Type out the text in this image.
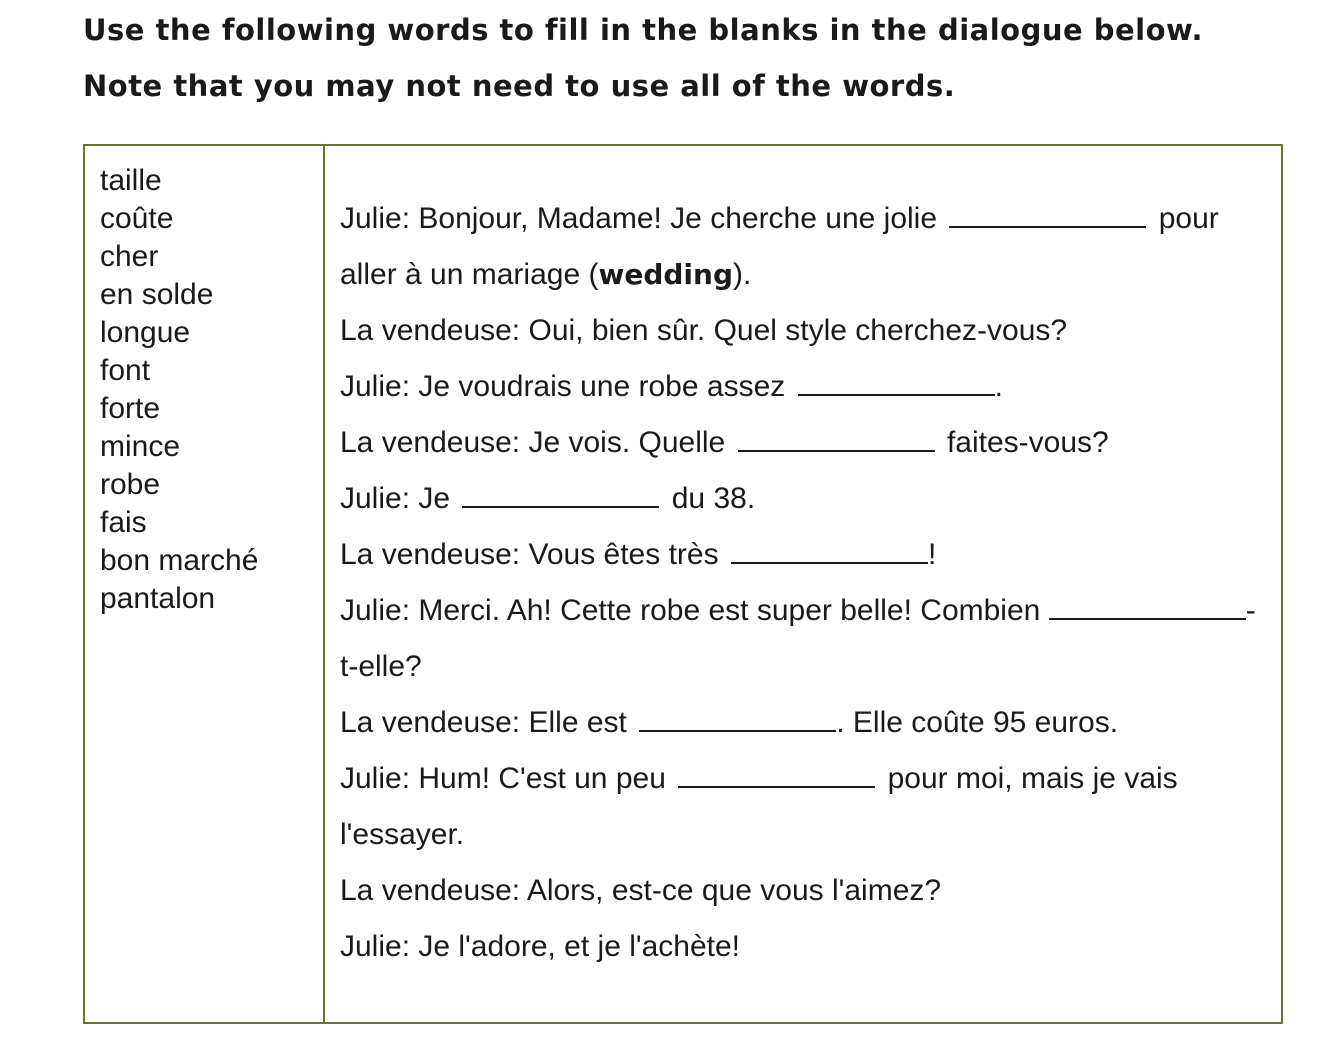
Use the following words to fill in the blanks in the dialogue below. Note that you may not need to use all of the words.

taille
coûte
cher
en solde
longue
font
forte
mince
robe
fais
bon marché
pantalon

Julie: Bonjour, Madame! Je cherche une jolie	pour aller à un mariage (wedding).

La vendeuse: Oui, bien sûr. Quel style cherchez-vous?

Julie: Je voudrais une robe assez	.

La vendeuse: Je vois. Quelle	faites-vous?

Julie: Je	du 38.

La vendeuse: Vous êtes très	!

Julie: Merci. Ah! Cette robe est super belle! Combien	-t-elle?

La vendeuse: Elle est	. Elle coûte 95 euros.

Julie: Hum! C'est un peu	pour moi, mais je vais l'essayer.

La vendeuse: Alors, est-ce que vous l'aimez?

Julie: Je l'adore, et je l'achète!
